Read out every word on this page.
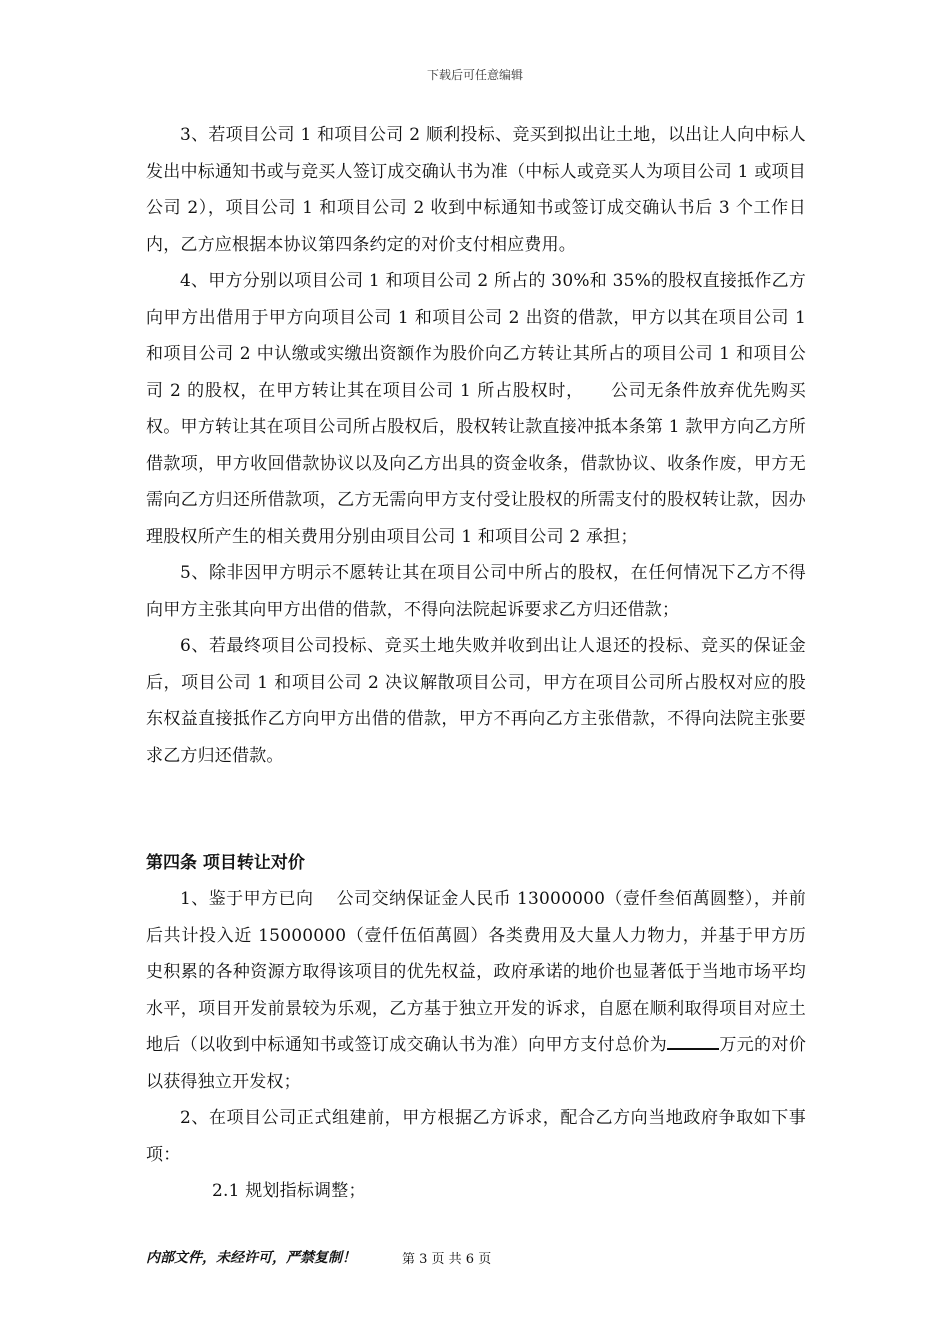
下载后可任意编辑

3、若项目公司 1 和项目公司 2 顺利投标、竞买到拟出让土地，以出让人向中标人发出中标通知书或与竞买人签订成交确认书为准（中标人或竞买人为项目公司 1 或项目公司 2），项目公司 1 和项目公司 2 收到中标通知书或签订成交确认书后 3 个工作日内，乙方应根据本协议第四条约定的对价支付相应费用。

4、甲方分别以项目公司 1 和项目公司 2 所占的 30%和 35%的股权直接抵作乙方向甲方出借用于甲方向项目公司 1 和项目公司 2 出资的借款，甲方以其在项目公司 1 和项目公司 2 中认缴或实缴出资额作为股价向乙方转让其所占的项目公司 1 和项目公司 2 的股权，在甲方转让其在项目公司 1 所占股权时，　　公司无条件放弃优先购买权。甲方转让其在项目公司所占股权后，股权转让款直接冲抵本条第 1 款甲方向乙方所借款项，甲方收回借款协议以及向乙方出具的资金收条，借款协议、收条作废，甲方无需向乙方归还所借款项，乙方无需向甲方支付受让股权的所需支付的股权转让款，因办理股权所产生的相关费用分别由项目公司 1 和项目公司 2 承担；

5、除非因甲方明示不愿转让其在项目公司中所占的股权，在任何情况下乙方不得向甲方主张其向甲方出借的借款，不得向法院起诉要求乙方归还借款；

6、若最终项目公司投标、竞买土地失败并收到出让人退还的投标、竞买的保证金后，项目公司 1 和项目公司 2 决议解散项目公司，甲方在项目公司所占股权对应的股东权益直接抵作乙方向甲方出借的借款，甲方不再向乙方主张借款，不得向法院主张要求乙方归还借款。

第四条 项目转让对价

1、鉴于甲方已向　 公司交纳保证金人民币 13000000（壹仟叁佰萬圆整），并前后共计投入近 15000000（壹仟伍佰萬圆）各类费用及大量人力物力，并基于甲方历史积累的各种资源方取得该项目的优先权益，政府承诺的地价也显著低于当地市场平均水平，项目开发前景较为乐观，乙方基于独立开发的诉求，自愿在顺利取得项目对应土地后（以收到中标通知书或签订成交确认书为准）向甲方支付总价为	万元的对价以获得独立开发权；

2、在项目公司正式组建前，甲方根据乙方诉求，配合乙方向当地政府争取如下事项：

2.1 规划指标调整；

内部文件，未经许可，严禁复制！	第 3 页 共 6 页
